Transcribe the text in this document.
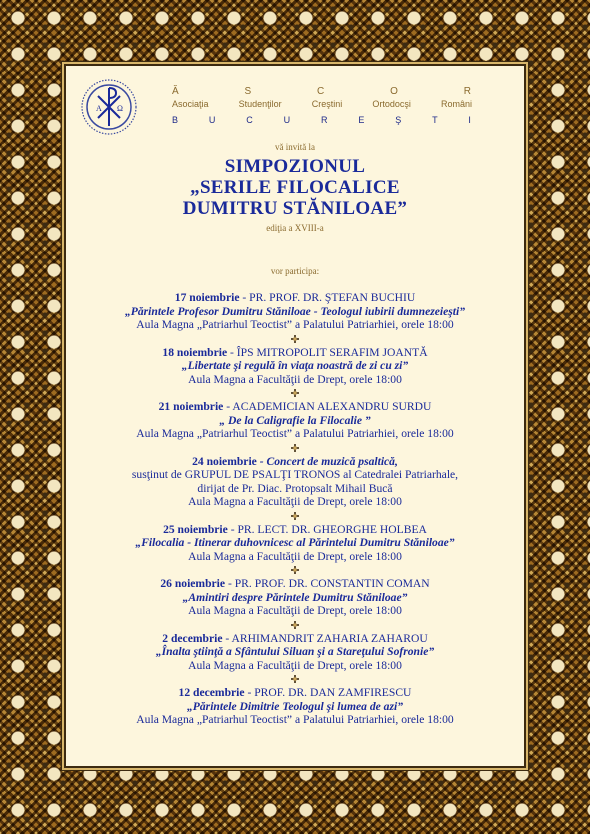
A Ω
Ă	S	C	O	R
Asociaţia	Studenţilor	Creştini	Ortodocşi	Români
B	U	C	U	R	E	Ş	T	I
vă invită la
SIMPOZIONUL
„SERILE FILOCALICE
DUMITRU STĂNILOAE”
ediţia a XVIII-a
vor participa:
17 noiembrie - PR. PROF. DR. ŞTEFAN BUCHIU
„Părintele Profesor Dumitru Stăniloae - Teologul iubirii dumnezeieşti”
Aula Magna „Patriarhul Teoctist” a Palatului Patriarhiei, orele 18:00
18 noiembrie - ÎPS MITROPOLIT SERAFIM JOANTĂ
„Libertate şi regulă în viaţa noastră de zi cu zi”
Aula Magna a Facultăţii de Drept, orele 18:00
21 noiembrie - ACADEMICIAN ALEXANDRU SURDU
„ De la Caligrafie la Filocalie ”
Aula Magna „Patriarhul Teoctist” a Palatului Patriarhiei, orele 18:00
24 noiembrie - Concert de muzică psaltică,
susţinut de GRUPUL DE PSALŢI TRONOS al Catedralei Patriarhale,
dirijat de Pr. Diac. Protopsalt Mihail Bucă
Aula Magna a Facultăţii de Drept, orele 18:00
25 noiembrie - PR. LECT. DR. GHEORGHE HOLBEA
„Filocalia - Itinerar duhovnicesc al Părintelui Dumitru Stăniloae”
Aula Magna a Facultăţii de Drept, orele 18:00
26 noiembrie - PR. PROF. DR. CONSTANTIN COMAN
„Amintiri despre Părintele Dumitru Stăniloae”
Aula Magna a Facultăţii de Drept, orele 18:00
2 decembrie - ARHIMANDRIT ZAHARIA ZAHAROU
„Înalta ştiinţă a Sfântului Siluan şi a Stareţului Sofronie”
Aula Magna a Facultăţii de Drept, orele 18:00
12 decembrie - PROF. DR. DAN ZAMFIRESCU
„Părintele Dimitrie Teologul şi lumea de azi”
Aula Magna „Patriarhul Teoctist” a Palatului Patriarhiei, orele 18:00
